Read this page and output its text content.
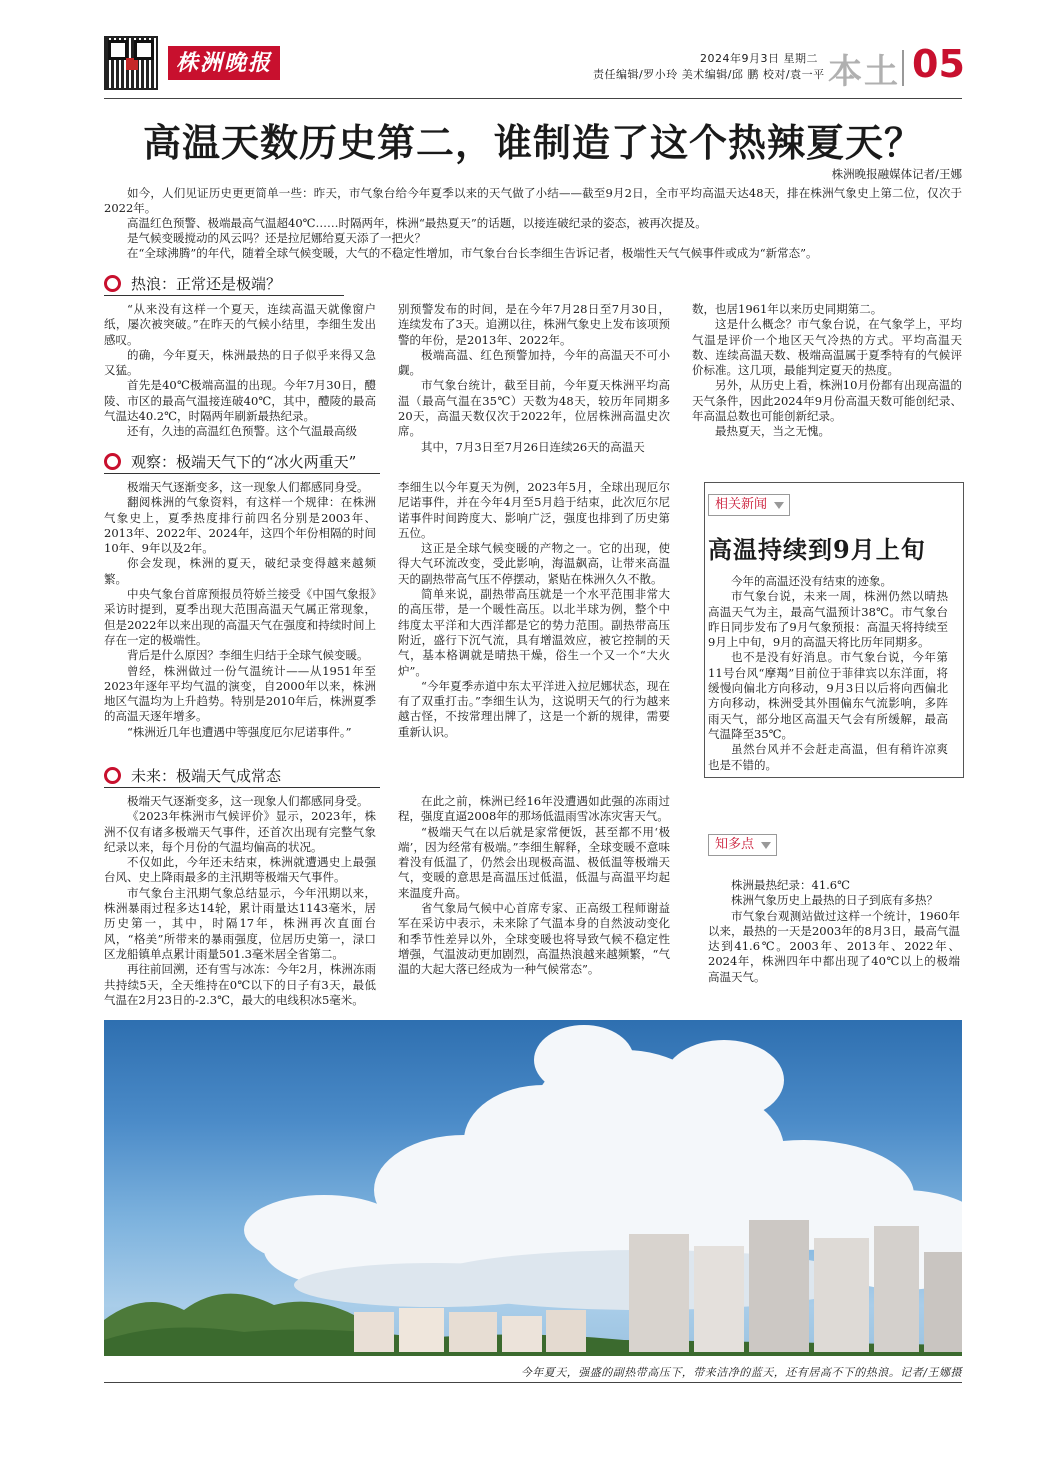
株洲晚报	2024年9月3日 星期二
责任编辑/罗小玲 美术编辑/邱 鹏 校对/袁一平 本土 05
高温天数历史第二，谁制造了这个热辣夏天？
株洲晚报融媒体记者/王娜

如今，人们见证历史更更简单一些：昨天，市气象台给今年夏季以来的天气做了小结——截至9月2日，全市平均高温天达48天，排在株洲气象史上第二位，仅次于2022年。

高温红色预警、极端最高气温超40℃……时隔两年，株洲“最热夏天”的话题，以接连破纪录的姿态，被再次提及。

是气候变暖搅动的风云吗？还是拉尼娜给夏天添了一把火？

在“全球沸腾”的年代，随着全球气候变暖，大气的不稳定性增加，市气象台台长李细生告诉记者，极端性天气气候事件或成为“新常态”。

热浪：正常还是极端？

“从来没有这样一个夏天，连续高温天就像窗户纸，屡次被突破。”在昨天的气候小结里，李细生发出感叹。

的确，今年夏天，株洲最热的日子似乎来得又急又猛。

首先是40℃极端高温的出现。今年7月30日，醴陵、市区的最高气温接连破40℃，其中，醴陵的最高气温达40.2℃，时隔两年刷新最热纪录。

还有，久违的高温红色预警。这个气温最高级

别预警发布的时间，是在今年7月28日至7月30日，连续发布了3天。追溯以往，株洲气象史上发布该项预警的年份，是2013年、2022年。

极端高温、红色预警加持，今年的高温天不可小觑。

市气象台统计，截至目前，今年夏天株洲平均高温（最高气温在35℃）天数为48天，较历年同期多20天，高温天数仅次于2022年，位居株洲高温史次席。

其中，7月3日至7月26日连续26天的高温天

数，也居1961年以来历史同期第二。

这是什么概念？市气象台说，在气象学上，平均气温是评价一个地区天气冷热的方式。平均高温天数、连续高温天数、极端高温属于夏季特有的气候评价标准。这几项，最能判定夏天的热度。

另外，从历史上看，株洲10月份都有出现高温的天气条件，因此2024年9月份高温天数可能创纪录、年高温总数也可能创新纪录。

最热夏天，当之无愧。

观察：极端天气下的“冰火两重天”

极端天气逐渐变多，这一现象人们都感同身受。

翻阅株洲的气象资料，有这样一个规律：在株洲气象史上，夏季热度排行前四名分别是2003年、2013年、2022年、2024年，这四个年份相隔的时间10年、9年以及2年。

你会发现，株洲的夏天，破纪录变得越来越频繁。

中央气象台首席预报员符娇兰接受《中国气象报》采访时提到，夏季出现大范围高温天气属正常现象，但是2022年以来出现的高温天气在强度和持续时间上存在一定的极端性。

背后是什么原因？李细生归结于全球气候变暖。

曾经，株洲做过一份气温统计——从1951年至2023年逐年平均气温的演变，自2000年以来，株洲地区气温均为上升趋势。特别是2010年后，株洲夏季的高温天逐年增多。

“株洲近几年也遭遇中等强度厄尔尼诺事件。”

李细生以今年夏天为例，2023年5月，全球出现厄尔尼诺事件，并在今年4月至5月趋于结束，此次厄尔尼诺事件时间跨度大、影响广泛，强度也排到了历史第五位。

这正是全球气候变暖的产物之一。它的出现，使得大气环流改变，受此影响，海温飙高，让带来高温天的副热带高气压不停摆动，紧贴在株洲久久不散。

简单来说，副热带高压就是一个水平范围非常大的高压带，是一个暖性高压。以北半球为例，整个中纬度太平洋和大西洋都是它的势力范围。副热带高压附近，盛行下沉气流，具有增温效应，被它控制的天气，基本格调就是晴热干燥，俗生一个又一个“大火炉”。

“今年夏季赤道中东太平洋进入拉尼娜状态，现在有了双重打击。”李细生认为，这说明天气的行为越来越古怪，不按常理出牌了，这是一个新的规律，需要重新认识。

相关新闻
高温持续到9月上旬

今年的高温还没有结束的迹象。

市气象台说，未来一周，株洲仍然以晴热高温天气为主，最高气温预计38℃。市气象台昨日同步发布了9月气象预报：高温天将持续至9月上中旬，9月的高温天将比历年同期多。

也不是没有好消息。市气象台说，今年第11号台风“摩羯”目前位于菲律宾以东洋面，将缓慢向偏北方向移动，9月3日以后将向西偏北方向移动，株洲受其外围偏东气流影响，多阵雨天气，部分地区高温天气会有所缓解，最高气温降至35℃。

虽然台风并不会赶走高温，但有稍许凉爽也是不错的。

未来：极端天气成常态

极端天气逐渐变多，这一现象人们都感同身受。

《2023年株洲市气候评价》显示，2023年，株洲不仅有诸多极端天气事件，还首次出现有完整气象纪录以来，每个月份的气温均偏高的状况。

不仅如此，今年还未结束，株洲就遭遇史上最强台风、史上降雨最多的主汛期等极端天气事件。

市气象台主汛期气象总结显示，今年汛期以来，株洲暴雨过程多达14轮，累计雨量达1143毫米，居历史第一，其中，时隔17年，株洲再次直面台风，“格美”所带来的暴雨强度，位居历史第一，渌口区龙船镇单点累计雨量501.3毫米居全省第二。

再往前回溯，还有雪与冰冻：今年2月，株洲冻雨共持续5天，全天维持在0℃以下的日子有3天，最低气温在2月23日的-2.3℃，最大的电线积冰5毫米。

在此之前，株洲已经16年没遭遇如此强的冻雨过程，强度直逼2008年的那场低温雨雪冰冻灾害天气。

“极端天气在以后就是家常便饭，甚至都不用‘极端’，因为经常有极端。”李细生解释，全球变暖不意味着没有低温了，仍然会出现极高温、极低温等极端天气，变暖的意思是高温压过低温，低温与高温平均起来温度升高。

省气象局气候中心首席专家、正高级工程师谢益军在采访中表示，未来除了气温本身的自然波动变化和季节性差异以外，全球变暖也将导致气候不稳定性增强，气温波动更加剧烈，高温热浪越来越频繁，“气温的大起大落已经成为一种气候常态”。

知多点

株洲最热纪录：41.6℃

株洲气象历史上最热的日子到底有多热？

市气象台观测站做过这样一个统计，1960年以来，最热的一天是2003年的8月3日，最高气温达到41.6℃。2003年、2013年、2022年、2024年，株洲四年中都出现了40℃以上的极端高温天气。

今年夏天，强盛的副热带高压下，带来洁净的蓝天，还有居高不下的热浪。记者/王娜摄
